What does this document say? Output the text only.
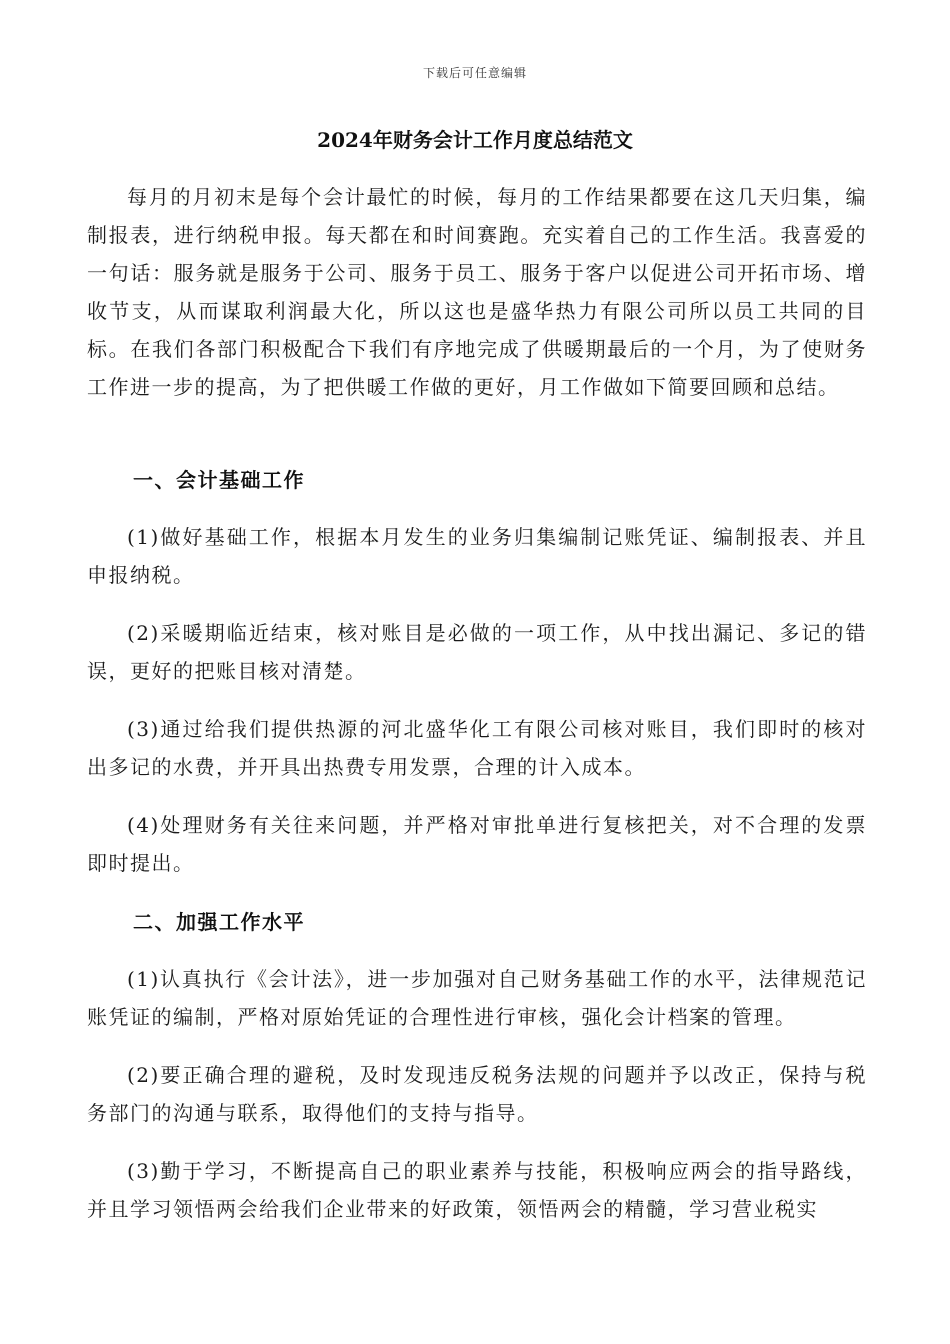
下载后可任意编辑
2024年财务会计工作月度总结范文
每月的月初末是每个会计最忙的时候，每月的工作结果都要在这几天归集，编制报表，进行纳税申报。每天都在和时间赛跑。充实着自己的工作生活。我喜爱的一句话：服务就是服务于公司、服务于员工、服务于客户以促进公司开拓市场、增收节支，从而谋取利润最大化，所以这也是盛华热力有限公司所以员工共同的目标。在我们各部门积极配合下我们有序地完成了供暖期最后的一个月，为了使财务工作进一步的提高，为了把供暖工作做的更好，月工作做如下简要回顾和总结。
一、会计基础工作
(1)做好基础工作，根据本月发生的业务归集编制记账凭证、编制报表、并且申报纳税。
(2)采暖期临近结束，核对账目是必做的一项工作，从中找出漏记、多记的错误，更好的把账目核对清楚。
(3)通过给我们提供热源的河北盛华化工有限公司核对账目，我们即时的核对出多记的水费，并开具出热费专用发票，合理的计入成本。
(4)处理财务有关往来问题，并严格对审批单进行复核把关，对不合理的发票即时提出。
二、加强工作水平
(1)认真执行《会计法》，进一步加强对自己财务基础工作的水平，法律规范记账凭证的编制，严格对原始凭证的合理性进行审核，强化会计档案的管理。
(2)要正确合理的避税，及时发现违反税务法规的问题并予以改正，保持与税务部门的沟通与联系，取得他们的支持与指导。
(3)勤于学习，不断提高自己的职业素养与技能，积极响应两会的指导路线，并且学习领悟两会给我们企业带来的好政策，领悟两会的精髓，学习营业税实
